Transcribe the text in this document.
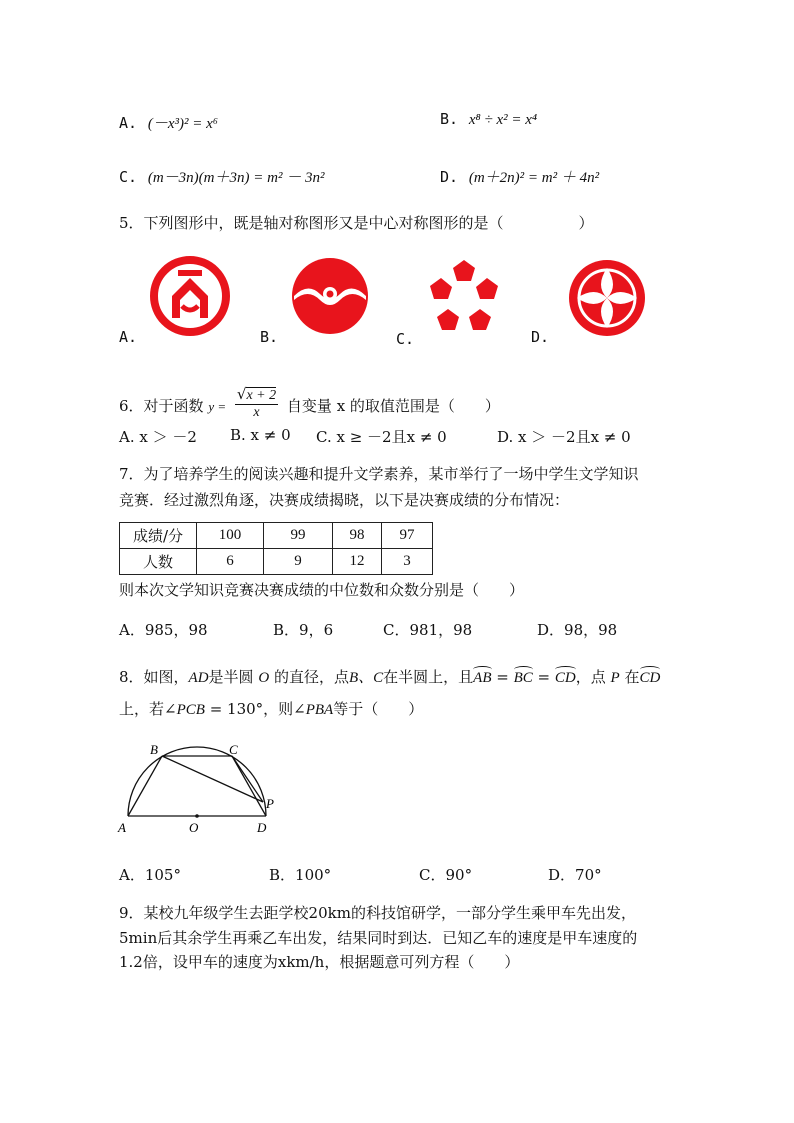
A. (－x³)² = x⁶	B. x⁸ ÷ x² = x⁴
C. (m－3n)(m＋3n) = m² － 3n²	D. (m＋2n)² = m² ＋ 4n²
5．下列图形中，既是轴对称图形又是中心对称图形的是（　　　　　）
A.	B.	C.	D.
6．对于函数 $y = \frac{√x + 2}{x}$ 自变量 x 的取值范围是（　　）
A. x ＞ －2 B. x ≠ 0 C. x ≥ －2且x ≠ 0	D. x ＞ －2且x ≠ 0
7．为了培养学生的阅读兴趣和提升文学素养，某市举行了一场中学生文学知识
竞赛．经过激烈角逐，决赛成绩揭晓，以下是决赛成绩的分布情况：
成绩/分	100	99	98	97
人数	6	9	12	3
则本次文学知识竞赛决赛成绩的中位数和众数分别是（　　）
A．985，98	B．9，6	C．981，98	D．98，98
8．如图，AD是半圆 O 的直径，点B、C在半圆上，且AB = BC = CD，点 P 在CD
上，若∠PCB = 130°，则∠PBA等于（　　）
A
B	C
D
O
P
A．105°	B．100°	C．90°	D．70°
9．某校九年级学生去距学校20km的科技馆研学，一部分学生乘甲车先出发，
5min后其余学生再乘乙车出发，结果同时到达．已知乙车的速度是甲车速度的
1.2倍，设甲车的速度为xkm/h，根据题意可列方程（　　）
